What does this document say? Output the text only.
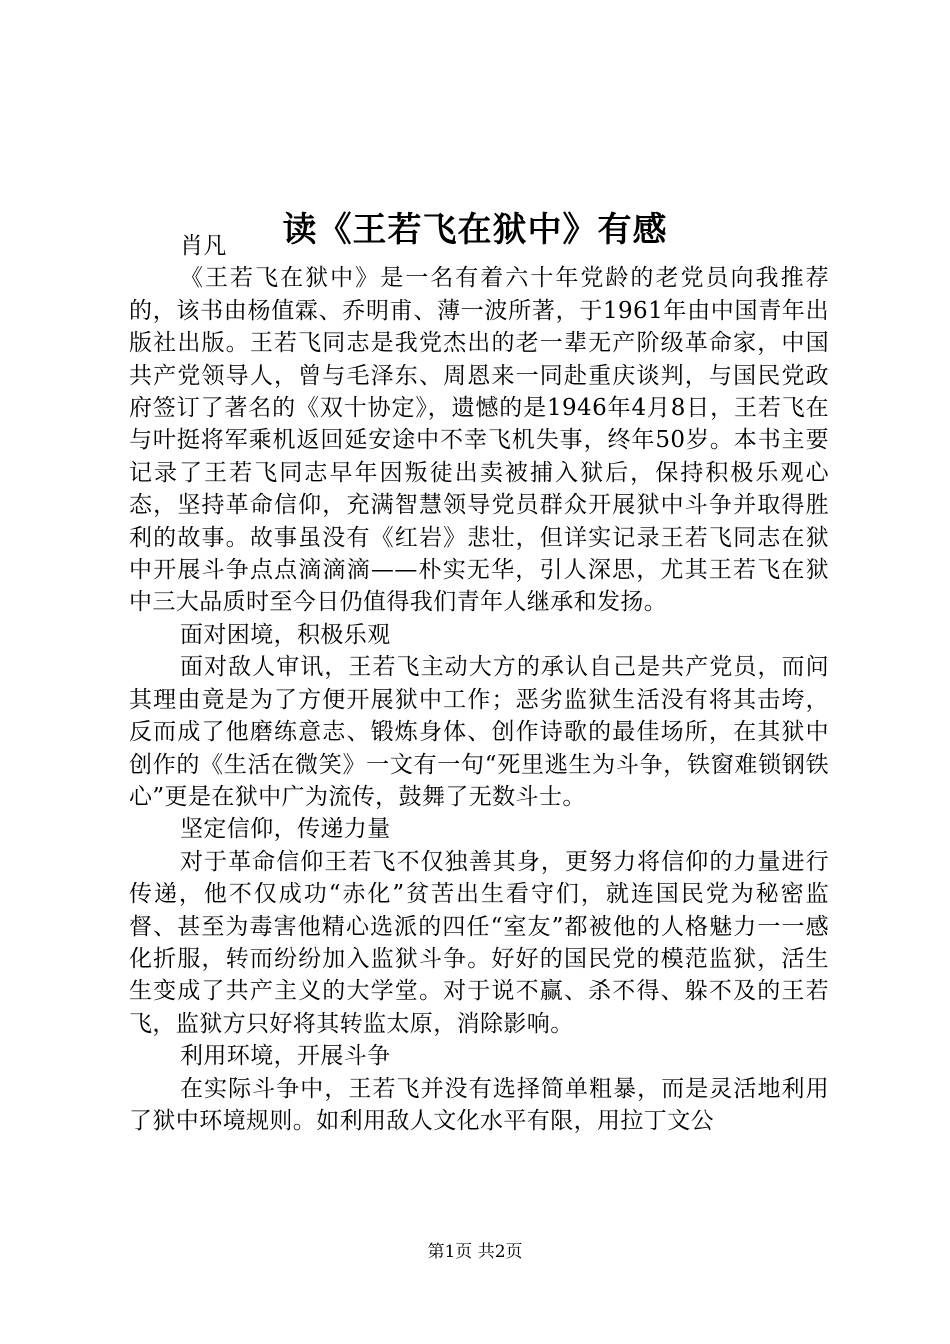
读《王若飞在狱中》有感

肖凡

《王若飞在狱中》是一名有着六十年党龄的老党员向我推荐的，该书由杨值霖、乔明甫、薄一波所著，于1961年由中国青年出版社出版。王若飞同志是我党杰出的老一辈无产阶级革命家，中国共产党领导人，曾与毛泽东、周恩来一同赴重庆谈判，与国民党政府签订了著名的《双十协定》，遗憾的是1946年4月8日，王若飞在与叶挺将军乘机返回延安途中不幸飞机失事，终年50岁。本书主要记录了王若飞同志早年因叛徒出卖被捕入狱后，保持积极乐观心态，坚持革命信仰，充满智慧领导党员群众开展狱中斗争并取得胜利的故事。故事虽没有《红岩》悲壮，但详实记录王若飞同志在狱中开展斗争点点滴滴滴——朴实无华，引人深思，尤其王若飞在狱中三大品质时至今日仍值得我们青年人继承和发扬。

面对困境，积极乐观

面对敌人审讯，王若飞主动大方的承认自己是共产党员，而问其理由竟是为了方便开展狱中工作；恶劣监狱生活没有将其击垮，反而成了他磨练意志、锻炼身体、创作诗歌的最佳场所，在其狱中创作的《生活在微笑》一文有一句“死里逃生为斗争，铁窗难锁钢铁心”更是在狱中广为流传，鼓舞了无数斗士。

坚定信仰，传递力量

对于革命信仰王若飞不仅独善其身，更努力将信仰的力量进行传递，他不仅成功“赤化”贫苦出生看守们，就连国民党为秘密监督、甚至为毒害他精心选派的四任“室友”都被他的人格魅力一一感化折服，转而纷纷加入监狱斗争。好好的国民党的模范监狱，活生生变成了共产主义的大学堂。对于说不赢、杀不得、躲不及的王若飞，监狱方只好将其转监太原，消除影响。

利用环境，开展斗争

在实际斗争中，王若飞并没有选择简单粗暴，而是灵活地利用了狱中环境规则。如利用敌人文化水平有限，用拉丁文公

第1页 共2页
